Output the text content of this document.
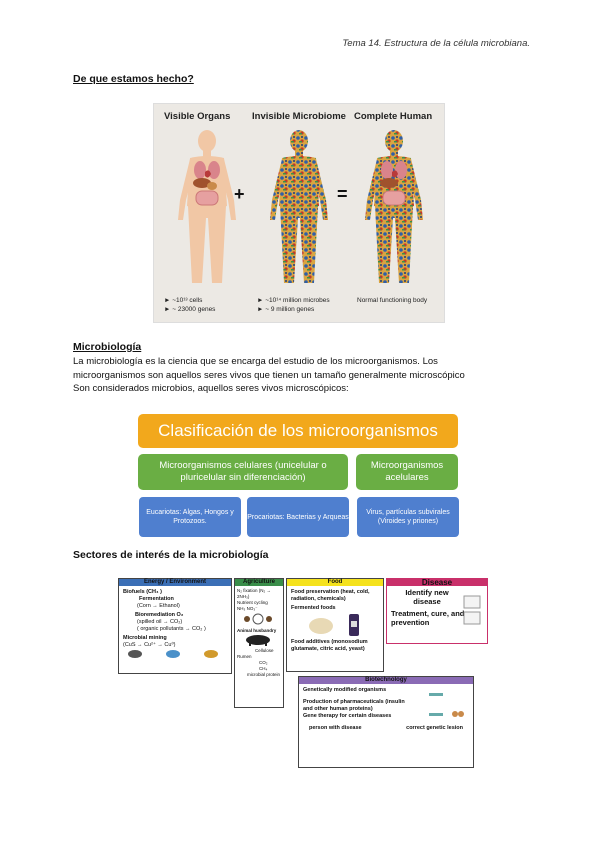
Tema 14. Estructura de la célula microbiana.
De que estamos hecho?
Visible Organs Invisible Microbiome Complete Human
+	=
► ~10¹³ cells
► ~ 23000 genes
► ~10¹⁴ million microbes
► ~ 9 million genes
Normal functioning body
Microbiología
La microbiología es la ciencia que se encarga del estudio de los microorganismos. Los
microorganismos son aquellos seres vivos que tienen un tamaño generalmente microscópico
Son considerados microbios, aquellos seres vivos microscópicos:
Clasificación de los microorganismos
Microorganismos celulares (unicelular o pluricelular sin diferenciación)
Microorganismos acelulares
Eucariotas: Algas, Hongos y Protozoos.
Procariotas: Bacterias y Arqueas
Virus, partículas subvirales (Viroides y priones)
Sectores de interés de la microbiología
Energy / Environment
Biofuels (CH₄ )
Fermentation
(Corn → Ethanol)
Bioremediation O₂
(spilled oil → CO₂)
( organic pollutants → CO₂ )
Microbial mining
(CuS → Cu²⁺ → Cu⁰)
Agriculture
N₂ fixation (N₂ → 2NH₃)
Nutrient cycling
NH₃ NO₃⁻
Animal husbandry
Cellulose
Rumen
CO₂
CH₄
microbial protein
Food
Food preservation (heat, cold, radiation, chemicals)
Fermented foods
Food additives (monosodium glutamate, citric acid, yeast)
Disease
Identify new disease
Treatment, cure, and prevention
Biotechnology
Genetically modified organisms
Production of pharmaceuticals (insulin and other human proteins)
Gene therapy for certain diseases
person with disease	correct genetic lesion
